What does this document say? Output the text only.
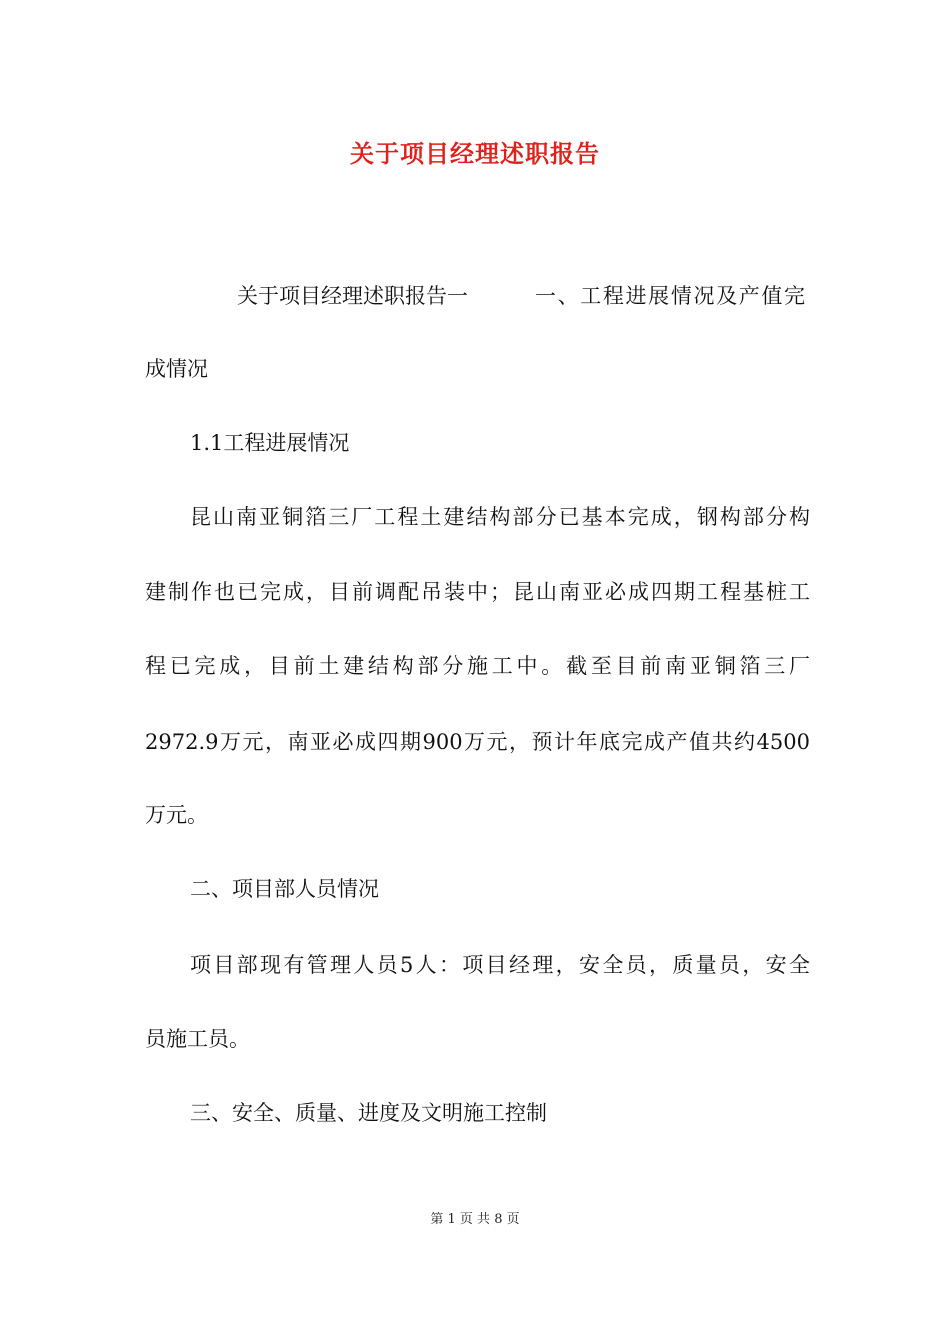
关于项目经理述职报告
关于项目经理述职报告一	一、工程进展情况及产值完
成情况
1.1工程进展情况
昆山南亚铜箔三厂工程土建结构部分已基本完成，钢构部分构
建制作也已完成，目前调配吊装中；昆山南亚必成四期工程基桩工
程已完成，目前土建结构部分施工中。截至目前南亚铜箔三厂
2972.9万元，南亚必成四期900万元，预计年底完成产值共约4500
万元。
二、项目部人员情况
项目部现有管理人员5人：项目经理，安全员，质量员，安全
员施工员。
三、安全、质量、进度及文明施工控制
第 1 页 共 8 页
